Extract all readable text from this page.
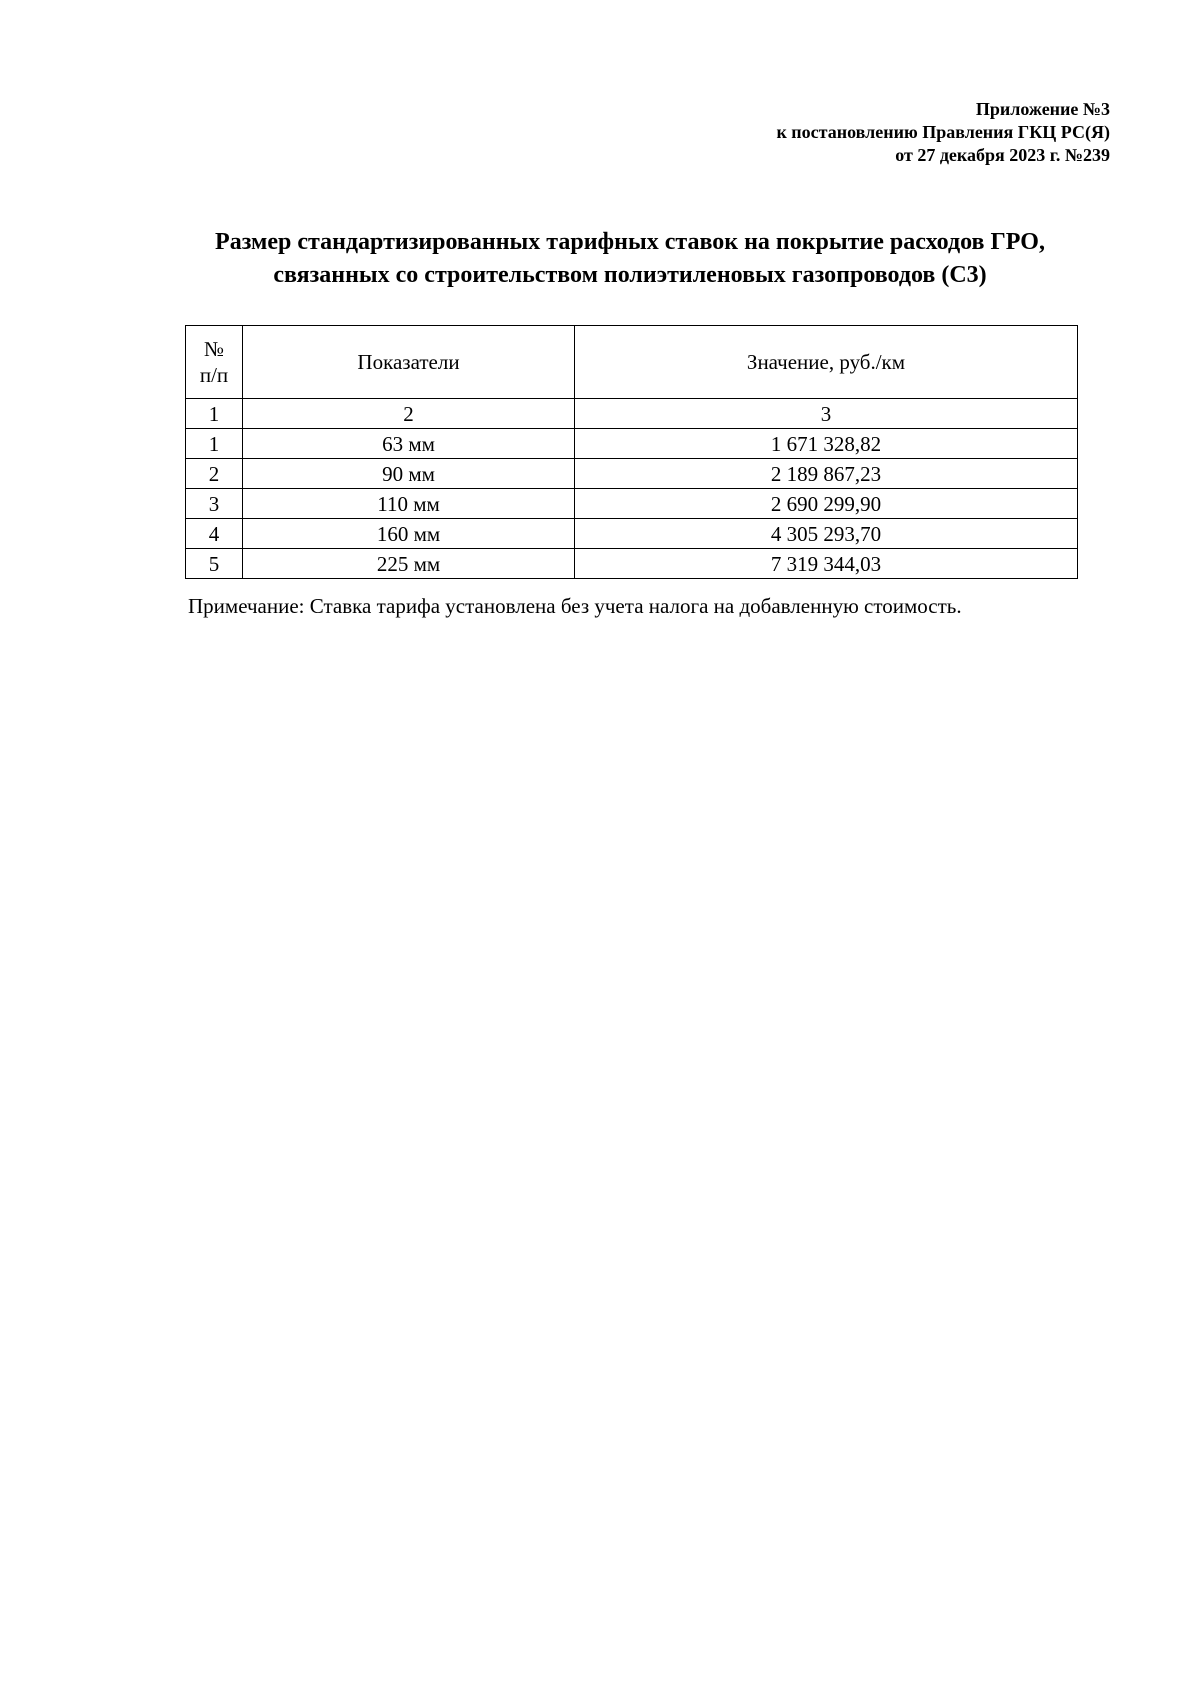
Приложение №3
к постановлению Правления ГКЦ РС(Я)
от 27 декабря 2023 г. №239
Размер стандартизированных тарифных ставок на покрытие расходов ГРО,
связанных со строительством полиэтиленовых газопроводов (С3)
№
п/п	Показатели	Значение, руб./км
1	2	3
1	63 мм	1 671 328,82
2	90 мм	2 189 867,23
3	110 мм	2 690 299,90
4	160 мм	4 305 293,70
5	225 мм	7 319 344,03
Примечание: Ставка тарифа установлена без учета налога на добавленную стоимость.
